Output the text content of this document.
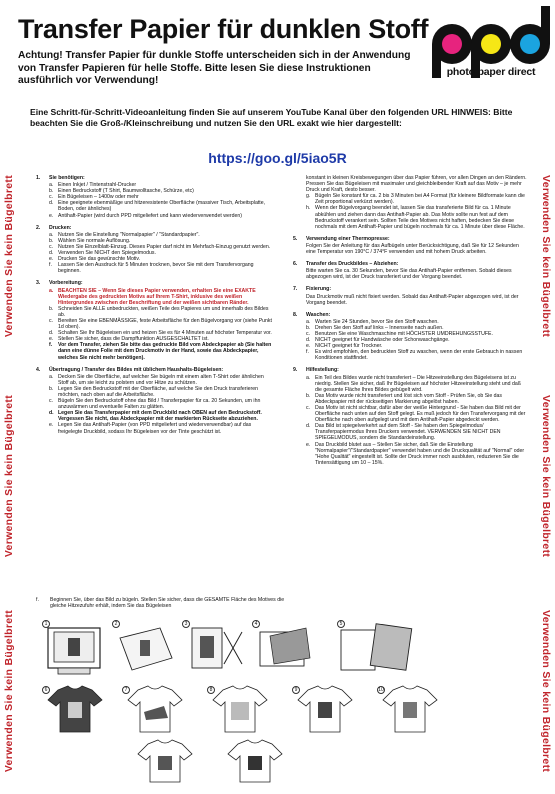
Transfer Papier für dunklen Stoff
Achtung! Transfer Papier für dunkle Stoffe unterscheiden sich in der Anwendung von Transfer Papieren für helle Stoffe. Bitte lesen Sie diese Instruktionen ausführlich vor Verwendung!
photo paper direct
Eine Schritt-für-Schritt-Videoanleitung finden Sie auf unserem YouTube Kanal über den folgenden URL HINWEIS: Bitte beachten Sie die Groß-/Kleinschreibung und nutzen Sie den URL exakt wie hier dargestellt:
https://goo.gl/5iao5R
Verwenden Sie kein Bügelbrett
Verwenden Sie kein Bügelbrett
Verwenden Sie kein Bügelbrett
Verwenden Sie kein Bügelbrett
Verwenden Sie kein Bügelbrett
Verwenden Sie kein Bügelbrett
1.	Sie benötigen:
a. Einen Inkjet / Tintenstrahl-Drucker
b. Einen Bedruckstoff (T Shirt, Baumwolltasche, Schürze, etc)
c. Ein Bügeleisen – 1400w oder mehr
d. Eine geeignete ebenmäßige und hitzeresistente Oberfläche (massiver Tisch, Arbeitsplatte, Boden, oder ähnliches)
e. Antihaft-Papier (wird durch PPD mitgeliefert und kann wiederverwendet werden)
2.	Drucken:
a. Nutzen Sie die Einstellung "Normalpapier" / "Standardpapier".
b. Wählen Sie normale Auflösung.
c. Nutzen Sie Einzelblatt-Einzug. Dieses Papier darf nicht im Mehrfach-Einzug genutzt werden.
d. Verwenden Sie NICHT den Spiegelmodus.
e. Drucken Sie das gewünschte Motiv.
f.	Lassen Sie den Ausdruck für 5 Minuten trocknen, bevor Sie mit dem Transfervorgang beginnen.
3.	Vorbereitung:
a. BEACHTEN SIE – Wenn Sie dieses Papier verwenden, erhalten Sie eine EXAKTE Wiedergabe des gedruckten Motivs auf Ihrem T-Shirt, inklusive des weißen Hintergrundes zwischen der Beschriftung und der weißen sichtbaren Ränder.
b. Schneiden Sie ALLE unbedruckten, weißen Teile des Papieres um und innerhalb des Bildes ab.
c. Bereiten Sie eine EBENMÄSSIGE, feste Arbeitsfläche für den Bügelvorgang vor (siehe Punkt 1d oben).
d. Schalten Sie Ihr Bügeleisen ein und heizen Sie es für 4 Minuten auf höchster Temperatur vor.
e. Stellen Sie sicher, dass die Dampffunktion AUSGESCHALTET ist.
f.	Vor dem Transfer, ziehen Sie bitte das gedruckte Bild vom Abdeckpapier ab (Sie halten dann eine dünne Folie mit dem Druckmotiv in der Hand, sowie das Abdeckpapier, welches Sie nicht mehr benötigen).
4.	Übertragung / Transfer des Bildes mit üblichem Haushalts-Bügeleisen:
a. Decken Sie die Oberfläche, auf welcher Sie bügeln mit einem alten T-Shirt oder ähnlichen Stoff ab, um sie leicht zu polstern und vor Hitze zu schützen.
b. Legen Sie den Bedruckstoff mit der Oberfläche, auf welche Sie den Druck transferieren möchten, nach oben auf die Arbeitsfläche.
c. Bügeln Sie den Bedruckstoff ohne das Bild / Transferpapier für ca. 20 Sekunden, um ihn anzuwärmen und eventuelle Falten zu glätten.
d. Legen Sie das Transferpapier mit dem Druckbild nach OBEN auf den Bedruckstoff. Vergessen Sie nicht, das Abdeckpapier mit der markierten Rückseite abzuziehen.
e. Legen Sie das Antihaft-Papier (von PPD mitgeliefert und wiederverwendbar) auf das freigelegte Druckbild, sodass Ihr Bügeleisen vor der Tinte geschützt ist.
konstant in kleinen Kreisbewegungen über das Papier führen, vor allen Dingen an den Rändern. Pressen Sie das Bügeleisen mit maximaler und gleichbleibender Kraft auf das Motiv – je mehr Druck und Kraft, desto besser.
g. Bügeln Sie konstant für ca. 2 bis 3 Minuten bei A4 Format (für kleinere Bildformate kann die Zeit proportional verkürzt werden).
h. Wenn der Bügelvorgang beendet ist, lassen Sie das transferierte Bild für ca. 1 Minute abkühlen und ziehen dann das Antihaft-Papier ab. Das Motiv sollte nun fest auf dem Bedruckstoff verankert sein. Sollten Teile des Motives nicht haften, bedecken Sie diese nochmals mit dem Antihaft-Papier und bügeln nochmals für ca. 1 Minute über diese Fläche.
5.	Verwendung einer Thermopresse:
Folgen Sie der Anleitung für das Aufbügeln unter Berücksichtigung, daß Sie für 12 Sekunden eine Temperatur von 190°C / 374°F verwenden und mit hohem Druck arbeiten.
6.	Transfer des Druckbildes – Abziehen:
Bitte warten Sie ca. 30 Sekunden, bevor Sie das Antihaft-Papier entfernen. Sobald dieses abgezogen wird, ist der Druck transferiert und der Vorgang beendet.
7.	Fixierung:
Das Druckmotiv muß nicht fixiert werden. Sobald das Antihaft-Papier abgezogen wird, ist der Vorgang beendet.
8.	Waschen:
a. Warten Sie 24 Stunden, bevor Sie den Stoff waschen.
b. Drehen Sie den Stoff auf links – Innenseite nach außen.
c. Benutzen Sie eine Waschmaschine mit HÖCHSTER UMDREHUNGSSTUFE.
d. NICHT geeignet für Handwäsche oder Schonwaschgänge.
e. NICHT geeignet für Trockner.
f.	Es wird empfohlen, den bedruckten Stoff zu waschen, wenn der erste Gebrauch in nassen Konditionen stattfindet.
9.	Hilfestellung:
a. Ein Teil des Bildes wurde nicht transferiert – Die Hitzeeinstellung des Bügeleisens ist zu niedrig. Stellen Sie sicher, daß Ihr Bügeleisen auf höchster Hitzeeinstellung steht und daß die gesamte Fläche Ihres Bildes gebügelt wird.
b. Das Motiv wurde nicht transferiert und löst sich vom Stoff - Prüfen Sie, ob Sie das Abdeckpapier mit der rückseitigen Markierung abgelöst haben.
c. Das Motiv ist nicht sichtbar, dafür aber der weiße Hintergrund - Sie haben das Bild mit der Oberfläche nach unten auf den Stoff gelegt. Es muß jedoch für den Transfervorgang mit der Oberfläche nach oben aufgelegt und mit dem Antihaft-Papier abgedeckt werden.
d. Das Bild ist spiegelverkehrt auf dem Stoff - Sie haben den Spiegelmodus/ Transferpapiermodus Ihres Druckers verwendet. VERWENDEN SIE NICHT DEN SPIEGELMODUS, sondern die Standardeinstellung.
e. Das Druckbild blutet aus – Stellen Sie sicher, daß Sie die Einstellung "Normalpapier"/"Standardpapier" verwendet haben und die Druckqualität auf "Normal" oder "Hohe Qualität" eingestellt ist. Sollte der Druck immer noch ausbluten, reduzieren Sie die Tintensättigung um 10 – 15%.
f.	Beginnen Sie, über das Bild zu bügeln. Stellen Sie sicher, dass die GESAMTE Fläche des Motives die gleiche Hitzezufuhr erhält, indem Sie das Bügeleisen
1	2	3	4	5
6	7	8	9	10
